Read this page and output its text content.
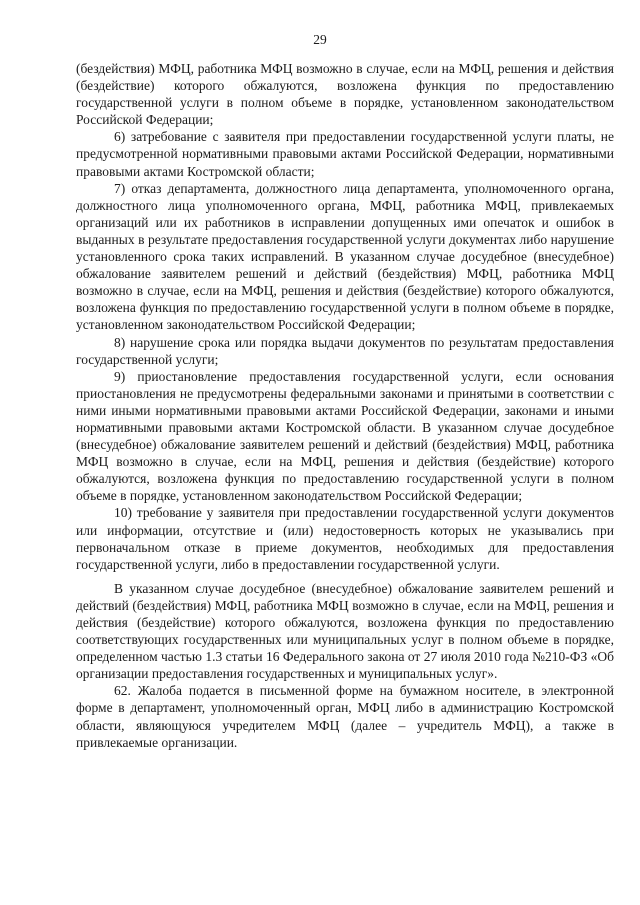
29

(бездействия) МФЦ, работника МФЦ возможно в случае, если на МФЦ, решения и действия (бездействие) которого обжалуются, возложена функция по предоставлению государственной услуги в полном объеме в порядке, установленном законодательством Российской Федерации;

6) затребование с заявителя при предоставлении государственной услуги платы, не предусмотренной нормативными правовыми актами Российской Федерации, нормативными правовыми актами Костромской области;

7) отказ департамента, должностного лица департамента, уполномоченного органа, должностного лица уполномоченного органа, МФЦ, работника МФЦ, привлекаемых организаций или их работников в исправлении допущенных ими опечаток и ошибок в выданных в результате предоставления государственной услуги документах либо нарушение установленного срока таких исправлений. В указанном случае досудебное (внесудебное) обжалование заявителем решений и действий (бездействия) МФЦ, работника МФЦ возможно в случае, если на МФЦ, решения и действия (бездействие) которого обжалуются, возложена функция по предоставлению государственной услуги в полном объеме в порядке, установленном законодательством Российской Федерации;

8) нарушение срока или порядка выдачи документов по результатам предоставления государственной услуги;

9) приостановление предоставления государственной услуги, если основания приостановления не предусмотрены федеральными законами и принятыми в соответствии с ними иными нормативными правовыми актами Российской Федерации, законами и иными нормативными правовыми актами Костромской области. В указанном случае досудебное (внесудебное) обжалование заявителем решений и действий (бездействия) МФЦ, работника МФЦ возможно в случае, если на МФЦ, решения и действия (бездействие) которого обжалуются, возложена функция по предоставлению государственной услуги в полном объеме в порядке, установленном законодательством Российской Федерации;

10) требование у заявителя при предоставлении государственной услуги документов или информации, отсутствие и (или) недостоверность которых не указывались при первоначальном отказе в приеме документов, необходимых для предоставления государственной услуги, либо в предоставлении государственной услуги.

В указанном случае досудебное (внесудебное) обжалование заявителем решений и действий (бездействия) МФЦ, работника МФЦ возможно в случае, если на МФЦ, решения и действия (бездействие) которого обжалуются, возложена функция по предоставлению соответствующих государственных или муниципальных услуг в полном объеме в порядке, определенном частью 1.3 статьи 16 Федерального закона от 27 июля 2010 года №210-ФЗ «Об организации предоставления государственных и муниципальных услуг».

62. Жалоба подается в письменной форме на бумажном носителе, в электронной форме в департамент, уполномоченный орган, МФЦ либо в администрацию Костромской области, являющуюся учредителем МФЦ (далее – учредитель МФЦ), а также в привлекаемые организации.
